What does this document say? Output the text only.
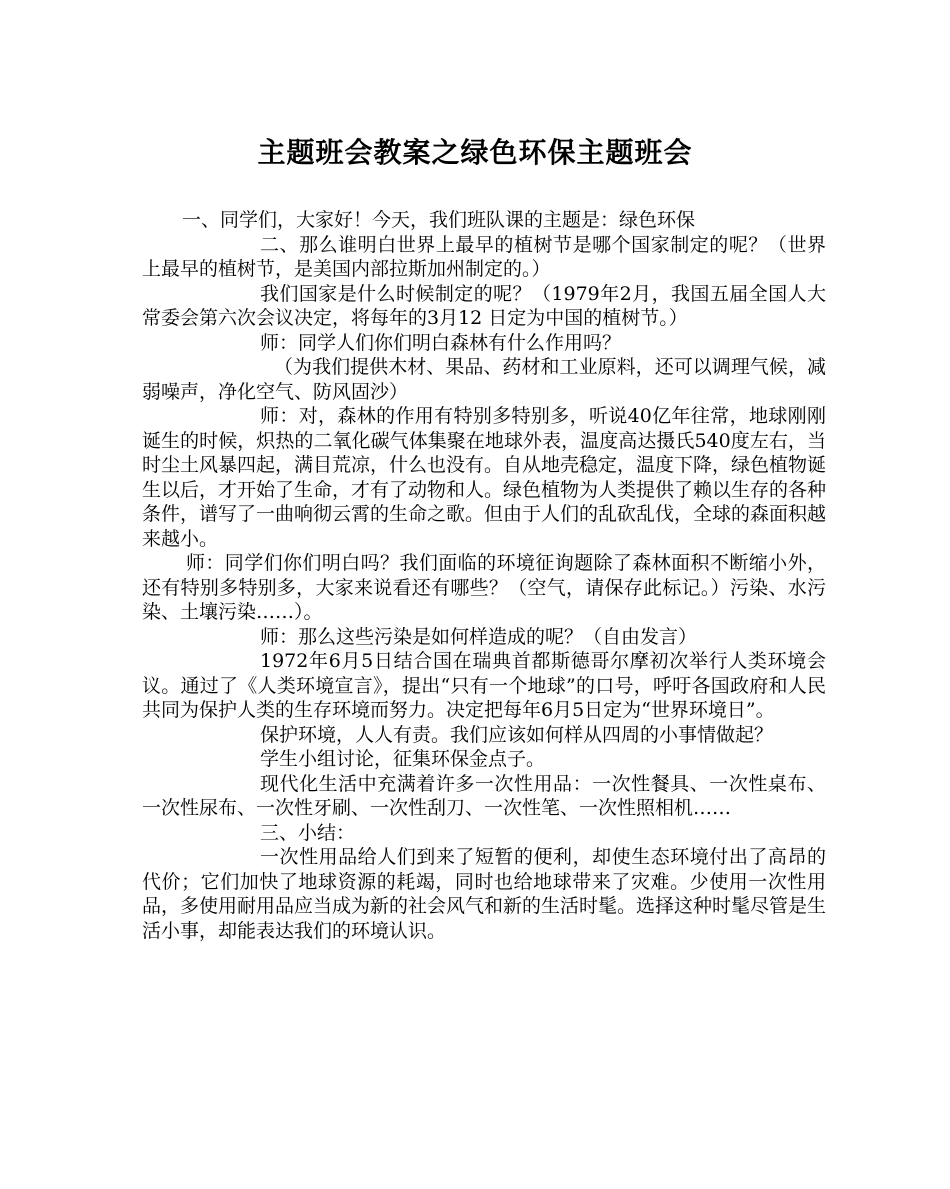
主题班会教案之绿色环保主题班会

一、同学们，大家好！今天，我们班队课的主题是：绿色环保

二、那么谁明白世界上最早的植树节是哪个国家制定的呢？（世界上最早的植树节，是美国内部拉斯加州制定的。）

我们国家是什么时候制定的呢？（1979年2月，我国五届全国人大常委会第六次会议决定，将每年的3月12 日定为中国的植树节。）

师：同学人们你们明白森林有什么作用吗？

（为我们提供木材、果品、药材和工业原料，还可以调理气候，减弱噪声，净化空气、防风固沙）

师：对，森林的作用有特别多特别多，听说40亿年往常，地球刚刚诞生的时候，炽热的二氧化碳气体集聚在地球外表，温度高达摄氏540度左右，当时尘土风暴四起，满目荒凉，什么也没有。自从地壳稳定，温度下降，绿色植物诞生以后，才开始了生命，才有了动物和人。绿色植物为人类提供了赖以生存的各种条件，谱写了一曲响彻云霄的生命之歌。但由于人们的乱砍乱伐，全球的森面积越来越小。

师：同学们你们明白吗？我们面临的环境征询题除了森林面积不断缩小外，还有特别多特别多，大家来说看还有哪些？（空气，请保存此标记。）污染、水污染、土壤污染……）。

师：那么这些污染是如何样造成的呢？（自由发言）

1972年6月5日结合国在瑞典首都斯德哥尔摩初次举行人类环境会议。通过了《人类环境宣言》，提出“只有一个地球”的口号，呼吁各国政府和人民共同为保护人类的生存环境而努力。决定把每年6月5日定为“世界环境日”。

保护环境，人人有责。我们应该如何样从四周的小事情做起？

学生小组讨论，征集环保金点子。

现代化生活中充满着许多一次性用品：一次性餐具、一次性桌布、一次性尿布、一次性牙刷、一次性刮刀、一次性笔、一次性照相机……

三、小结：

一次性用品给人们到来了短暂的便利，却使生态环境付出了高昂的代价；它们加快了地球资源的耗竭，同时也给地球带来了灾难。少使用一次性用品，多使用耐用品应当成为新的社会风气和新的生活时髦。选择这种时髦尽管是生活小事，却能表达我们的环境认识。
